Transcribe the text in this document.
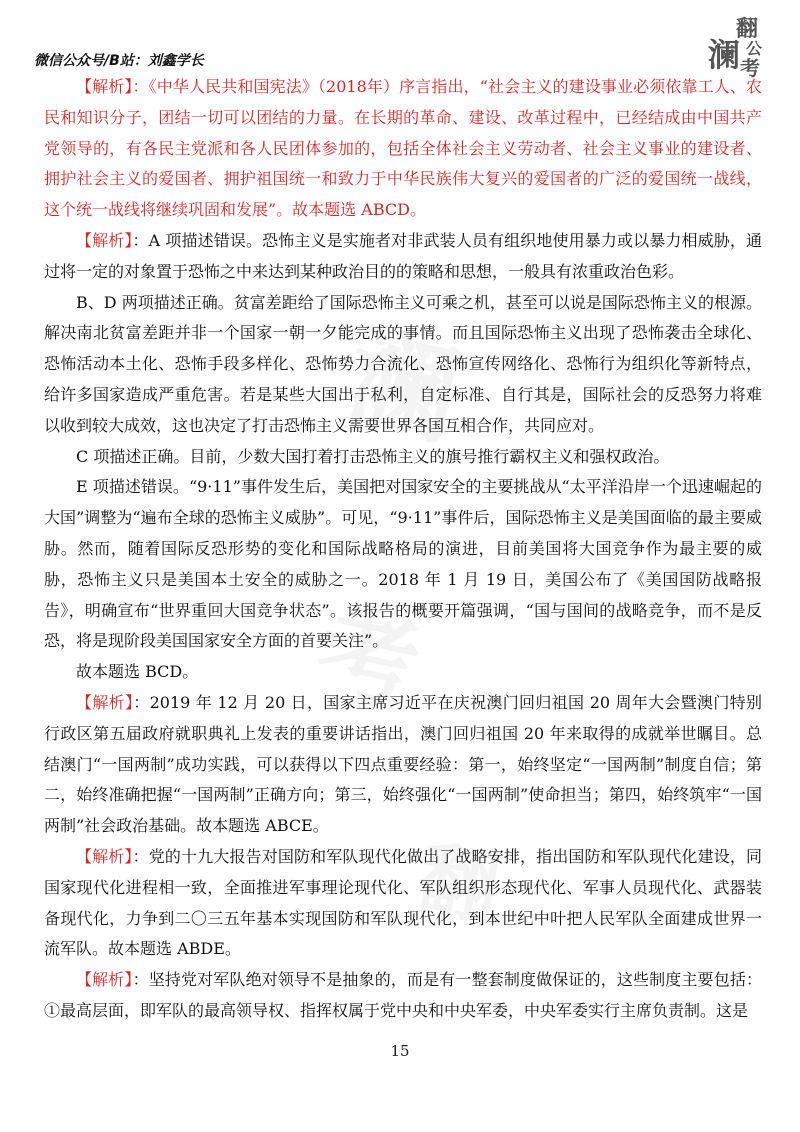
微信公众号/B站：刘鑫学长
翻
公
澜 考
澜
考
翻

【解析】：《中华人民共和国宪法》（2018年）序言指出，“社会主义的建设事业必须依靠工人、农民和知识分子，团结一切可以团结的力量。在长期的革命、建设、改革过程中，已经结成由中国共产党领导的，有各民主党派和各人民团体参加的，包括全体社会主义劳动者、社会主义事业的建设者、拥护社会主义的爱国者、拥护祖国统一和致力于中华民族伟大复兴的爱国者的广泛的爱国统一战线，这个统一战线将继续巩固和发展”。故本题选 ABCD。

【解析】：A 项描述错误。恐怖主义是实施者对非武装人员有组织地使用暴力或以暴力相威胁，通过将一定的对象置于恐怖之中来达到某种政治目的的策略和思想，一般具有浓重政治色彩。

B、D 两项描述正确。贫富差距给了国际恐怖主义可乘之机，甚至可以说是国际恐怖主义的根源。解决南北贫富差距并非一个国家一朝一夕能完成的事情。而且国际恐怖主义出现了恐怖袭击全球化、恐怖活动本土化、恐怖手段多样化、恐怖势力合流化、恐怖宣传网络化、恐怖行为组织化等新特点，给许多国家造成严重危害。若是某些大国出于私利，自定标准、自行其是，国际社会的反恐努力将难以收到较大成效，这也决定了打击恐怖主义需要世界各国互相合作，共同应对。

C 项描述正确。目前，少数大国打着打击恐怖主义的旗号推行霸权主义和强权政治。

E 项描述错误。“9·11”事件发生后，美国把对国家安全的主要挑战从“太平洋沿岸一个迅速崛起的大国”调整为“遍布全球的恐怖主义威胁”。可见，“9·11”事件后，国际恐怖主义是美国面临的最主要威胁。然而，随着国际反恐形势的变化和国际战略格局的演进，目前美国将大国竞争作为最主要的威胁，恐怖主义只是美国本土安全的威胁之一。2018 年 1 月 19 日，美国公布了《美国国防战略报告》，明确宣布“世界重回大国竞争状态”。该报告的概要开篇强调，“国与国间的战略竞争，而不是反恐，将是现阶段美国国家安全方面的首要关注”。

故本题选 BCD。

【解析】：2019 年 12 月 20 日，国家主席习近平在庆祝澳门回归祖国 20 周年大会暨澳门特别行政区第五届政府就职典礼上发表的重要讲话指出，澳门回归祖国 20 年来取得的成就举世瞩目。总结澳门“一国两制”成功实践，可以获得以下四点重要经验：第一，始终坚定“一国两制”制度自信；第二，始终准确把握“一国两制”正确方向；第三，始终强化“一国两制”使命担当；第四，始终筑牢“一国两制”社会政治基础。故本题选 ABCE。

【解析】：党的十九大报告对国防和军队现代化做出了战略安排，指出国防和军队现代化建设，同国家现代化进程相一致，全面推进军事理论现代化、军队组织形态现代化、军事人员现代化、武器装备现代化，力争到二〇三五年基本实现国防和军队现代化，到本世纪中叶把人民军队全面建成世界一流军队。故本题选 ABDE。

【解析】：坚持党对军队绝对领导不是抽象的，而是有一整套制度做保证的，这些制度主要包括：①最高层面，即军队的最高领导权、指挥权属于党中央和中央军委，中央军委实行主席负责制。这是

15
